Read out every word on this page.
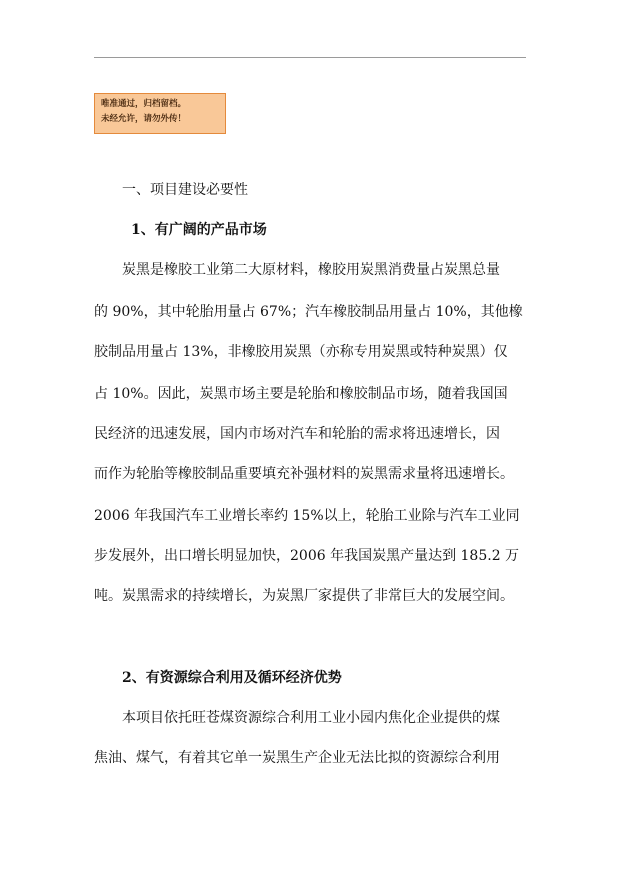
唯准通过，归档留档。
未经允许，请勿外传！
一、项目建设必要性
1、有广阔的产品市场
炭黑是橡胶工业第二大原材料，橡胶用炭黑消费量占炭黑总量
的 90%，其中轮胎用量占 67%；汽车橡胶制品用量占 10%，其他橡
胶制品用量占 13%，非橡胶用炭黑（亦称专用炭黑或特种炭黑）仅
占 10%。因此，炭黑市场主要是轮胎和橡胶制品市场，随着我国国
民经济的迅速发展，国内市场对汽车和轮胎的需求将迅速增长，因
而作为轮胎等橡胶制品重要填充补强材料的炭黑需求量将迅速增长。
2006 年我国汽车工业增长率约 15%以上，轮胎工业除与汽车工业同
步发展外，出口增长明显加快，2006 年我国炭黑产量达到 185.2 万
吨。炭黑需求的持续增长，为炭黑厂家提供了非常巨大的发展空间。
2、有资源综合利用及循环经济优势
本项目依托旺苍煤资源综合利用工业小园内焦化企业提供的煤
焦油、煤气，有着其它单一炭黑生产企业无法比拟的资源综合利用
